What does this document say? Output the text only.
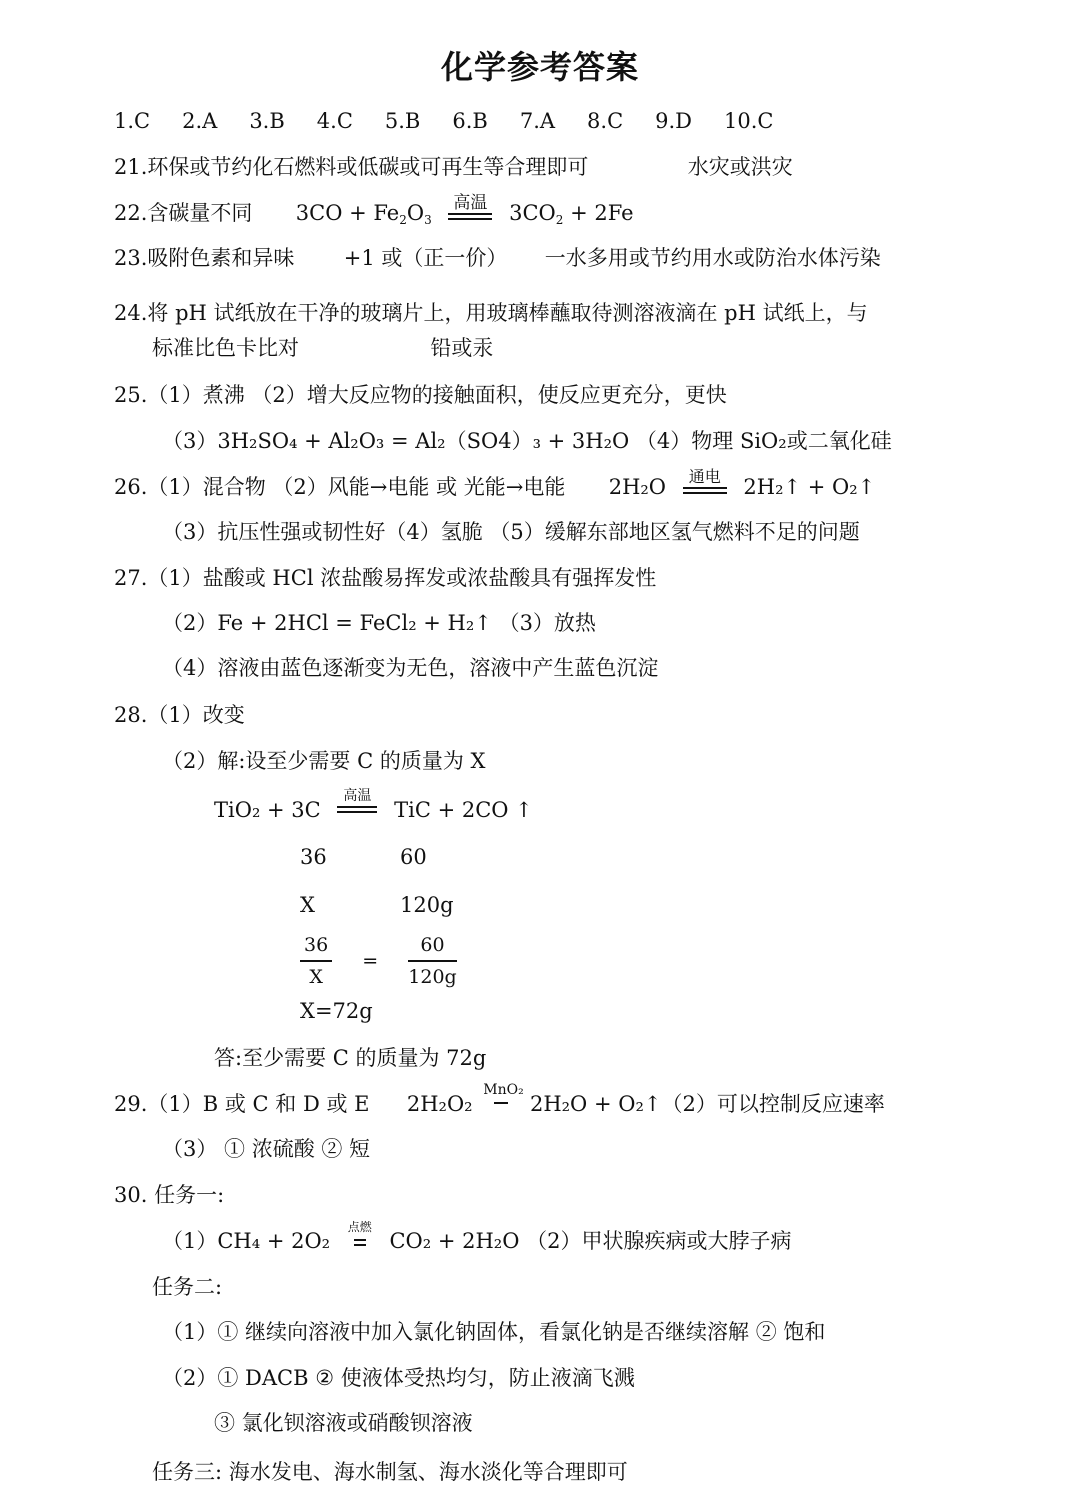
化学参考答案
1.C 2.A 3.B 4.C 5.B 6.B 7.A 8.C 9.D 10.C
21.环保或节约化石燃料或低碳或可再生等合理即可	水灾或洪灾
22.含碳量不同 $3CO + Fe_2O_3$
高温 $3CO_2 + 2Fe$
23.吸附色素和异味 +1 或（正一价） 一水多用或节约用水或防治水体污染
24.将 pH 试纸放在干净的玻璃片上，用玻璃棒蘸取待测溶液滴在 pH 试纸上，与
标准比色卡比对	铅或汞
25.（1）煮沸 （2）增大反应物的接触面积，使反应更充分，更快
（3）3H₂SO₄ + Al₂O₃ = Al₂（SO4）₃ + 3H₂O （4）物理 SiO₂或二氧化硅
26.（1）混合物 （2）风能→电能 或 光能→电能 2H₂O	通电 2H₂↑ + O₂↑
（3）抗压性强或韧性好（4）氢脆 （5）缓解东部地区氢气燃料不足的问题
27.（1）盐酸或 HCl 浓盐酸易挥发或浓盐酸具有强挥发性
（2）Fe + 2HCl = FeCl₂ + H₂↑ （3）放热
（4）溶液由蓝色逐渐变为无色，溶液中产生蓝色沉淀
28.（1）改变
（2）解:设至少需要 C 的质量为 X
TiO₂ + 3C
高温
TiC + 2CO ↑
36	60
X	120g
$\frac{36}{X} = \frac{60}{120g}$
X=72g
答:至少需要 C 的质量为 72g
29.（1）B 或 C 和 D 或 E 2H₂O₂
MnO₂
2H₂O + O₂↑（2）可以控制反应速率
（3） ① 浓硫酸 ② 短
30. 任务一:
（1）CH₄ + 2O₂
点燃
CO₂ + 2H₂O （2）甲状腺疾病或大脖子病
任务二:
（1）① 继续向溶液中加入氯化钠固体，看氯化钠是否继续溶解 ② 饱和
（2）① DACB ② 使液体受热均匀，防止液滴飞溅
③ 氯化钡溶液或硝酸钡溶液
任务三: 海水发电、海水制氢、海水淡化等合理即可
